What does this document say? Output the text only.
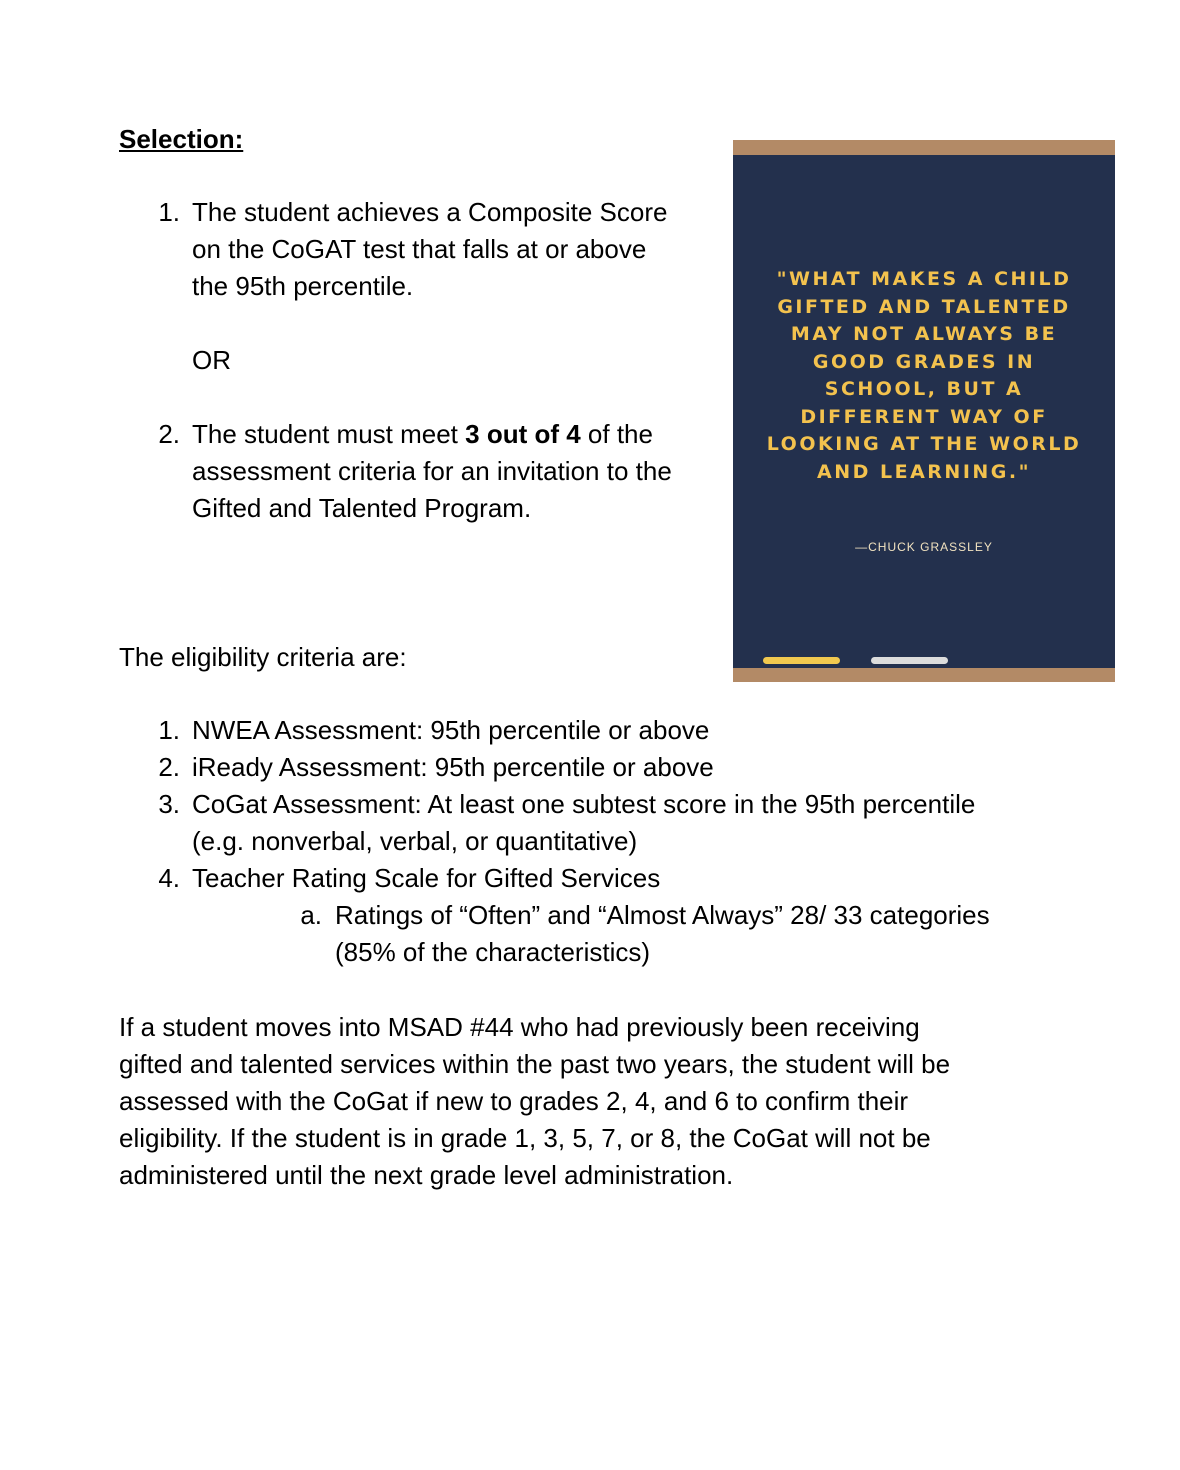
Selection:
1. The student achieves a Composite Score
on the CoGAT test that falls at or above
the 95th percentile.
OR
2. The student must meet 3 out of 4 of the
assessment criteria for an invitation to the
Gifted and Talented Program.
"WHAT MAKES A CHILD
GIFTED AND TALENTED
MAY NOT ALWAYS BE
GOOD GRADES IN
SCHOOL, BUT A
DIFFERENT WAY OF
LOOKING AT THE WORLD
AND LEARNING."
—CHUCK GRASSLEY
The eligibility criteria are:
1. NWEA Assessment: 95th percentile or above
2. iReady Assessment: 95th percentile or above
3. CoGat Assessment: At least one subtest score in the 95th percentile
(e.g. nonverbal, verbal, or quantitative)
4. Teacher Rating Scale for Gifted Services
a. Ratings of “Often” and “Almost Always” 28/ 33 categories
(85% of the characteristics)
If a student moves into MSAD #44 who had previously been receiving
gifted and talented services within the past two years, the student will be
assessed with the CoGat if new to grades 2, 4, and 6 to confirm their
eligibility. If the student is in grade 1, 3, 5, 7, or 8, the CoGat will not be
administered until the next grade level administration.
